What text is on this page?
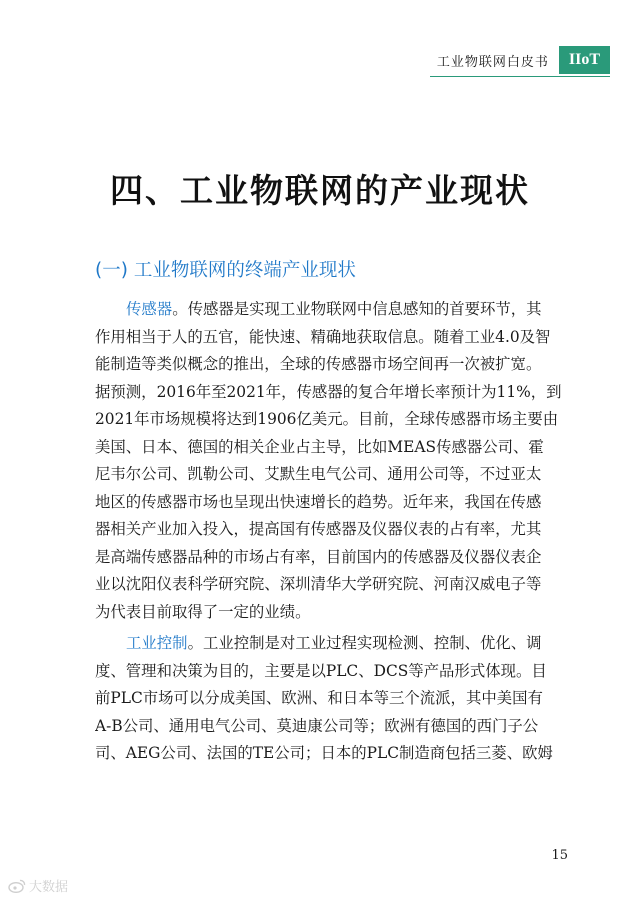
工业物联网白皮书	IIoT
四、工业物联网的产业现状
(一) 工业物联网的终端产业现状
传感器。传感器是实现工业物联网中信息感知的首要环节，其
作用相当于人的五官，能快速、精确地获取信息。随着工业4.0及智
能制造等类似概念的推出，全球的传感器市场空间再一次被扩宽。
据预测，2016年至2021年，传感器的复合年增长率预计为11%，到
2021年市场规模将达到1906亿美元。目前，全球传感器市场主要由
美国、日本、德国的相关企业占主导，比如MEAS传感器公司、霍
尼韦尔公司、凯勒公司、艾默生电气公司、通用公司等，不过亚太
地区的传感器市场也呈现出快速增长的趋势。近年来，我国在传感
器相关产业加入投入，提高国有传感器及仪器仪表的占有率，尤其
是高端传感器品种的市场占有率，目前国内的传感器及仪器仪表企
业以沈阳仪表科学研究院、深圳清华大学研究院、河南汉威电子等
为代表目前取得了一定的业绩。
工业控制。工业控制是对工业过程实现检测、控制、优化、调
度、管理和决策为目的，主要是以PLC、DCS等产品形式体现。目
前PLC市场可以分成美国、欧洲、和日本等三个流派，其中美国有
A-B公司、通用电气公司、莫迪康公司等；欧洲有德国的西门子公
司、AEG公司、法国的TE公司；日本的PLC制造商包括三菱、欧姆
15
大数据
